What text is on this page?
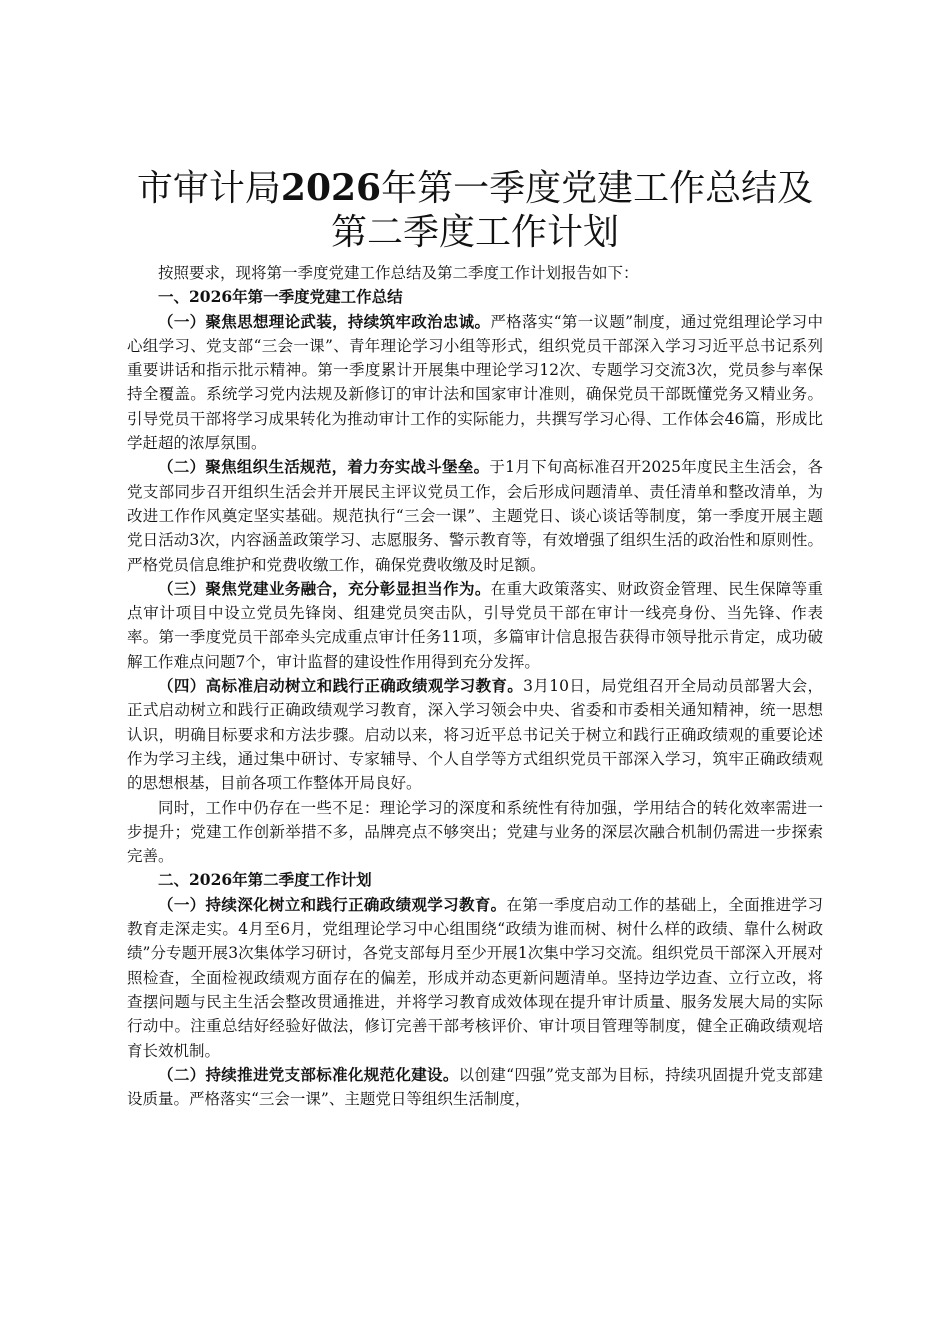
市审计局2026年第一季度党建工作总结及第二季度工作计划

按照要求，现将第一季度党建工作总结及第二季度工作计划报告如下：

一、2026年第一季度党建工作总结

（一）聚焦思想理论武装，持续筑牢政治忠诚。严格落实“第一议题”制度，通过党组理论学习中心组学习、党支部“三会一课”、青年理论学习小组等形式，组织党员干部深入学习习近平总书记系列重要讲话和指示批示精神。第一季度累计开展集中理论学习12次、专题学习交流3次，党员参与率保持全覆盖。系统学习党内法规及新修订的审计法和国家审计准则，确保党员干部既懂党务又精业务。引导党员干部将学习成果转化为推动审计工作的实际能力，共撰写学习心得、工作体会46篇，形成比学赶超的浓厚氛围。

（二）聚焦组织生活规范，着力夯实战斗堡垒。于1月下旬高标准召开2025年度民主生活会，各党支部同步召开组织生活会并开展民主评议党员工作，会后形成问题清单、责任清单和整改清单，为改进工作作风奠定坚实基础。规范执行“三会一课”、主题党日、谈心谈话等制度，第一季度开展主题党日活动3次，内容涵盖政策学习、志愿服务、警示教育等，有效增强了组织生活的政治性和原则性。严格党员信息维护和党费收缴工作，确保党费收缴及时足额。

（三）聚焦党建业务融合，充分彰显担当作为。在重大政策落实、财政资金管理、民生保障等重点审计项目中设立党员先锋岗、组建党员突击队，引导党员干部在审计一线亮身份、当先锋、作表率。第一季度党员干部牵头完成重点审计任务11项，多篇审计信息报告获得市领导批示肯定，成功破解工作难点问题7个，审计监督的建设性作用得到充分发挥。

（四）高标准启动树立和践行正确政绩观学习教育。3月10日，局党组召开全局动员部署大会，正式启动树立和践行正确政绩观学习教育，深入学习领会中央、省委和市委相关通知精神，统一思想认识，明确目标要求和方法步骤。启动以来，将习近平总书记关于树立和践行正确政绩观的重要论述作为学习主线，通过集中研讨、专家辅导、个人自学等方式组织党员干部深入学习，筑牢正确政绩观的思想根基，目前各项工作整体开局良好。

同时，工作中仍存在一些不足：理论学习的深度和系统性有待加强，学用结合的转化效率需进一步提升；党建工作创新举措不多，品牌亮点不够突出；党建与业务的深层次融合机制仍需进一步探索完善。

二、2026年第二季度工作计划

（一）持续深化树立和践行正确政绩观学习教育。在第一季度启动工作的基础上，全面推进学习教育走深走实。4月至6月，党组理论学习中心组围绕“政绩为谁而树、树什么样的政绩、靠什么树政绩”分专题开展3次集体学习研讨，各党支部每月至少开展1次集中学习交流。组织党员干部深入开展对照检查，全面检视政绩观方面存在的偏差，形成并动态更新问题清单。坚持边学边查、立行立改，将查摆问题与民主生活会整改贯通推进，并将学习教育成效体现在提升审计质量、服务发展大局的实际行动中。注重总结好经验好做法，修订完善干部考核评价、审计项目管理等制度，健全正确政绩观培育长效机制。

（二）持续推进党支部标准化规范化建设。以创建“四强”党支部为目标，持续巩固提升党支部建设质量。严格落实“三会一课”、主题党日等组织生活制度，
